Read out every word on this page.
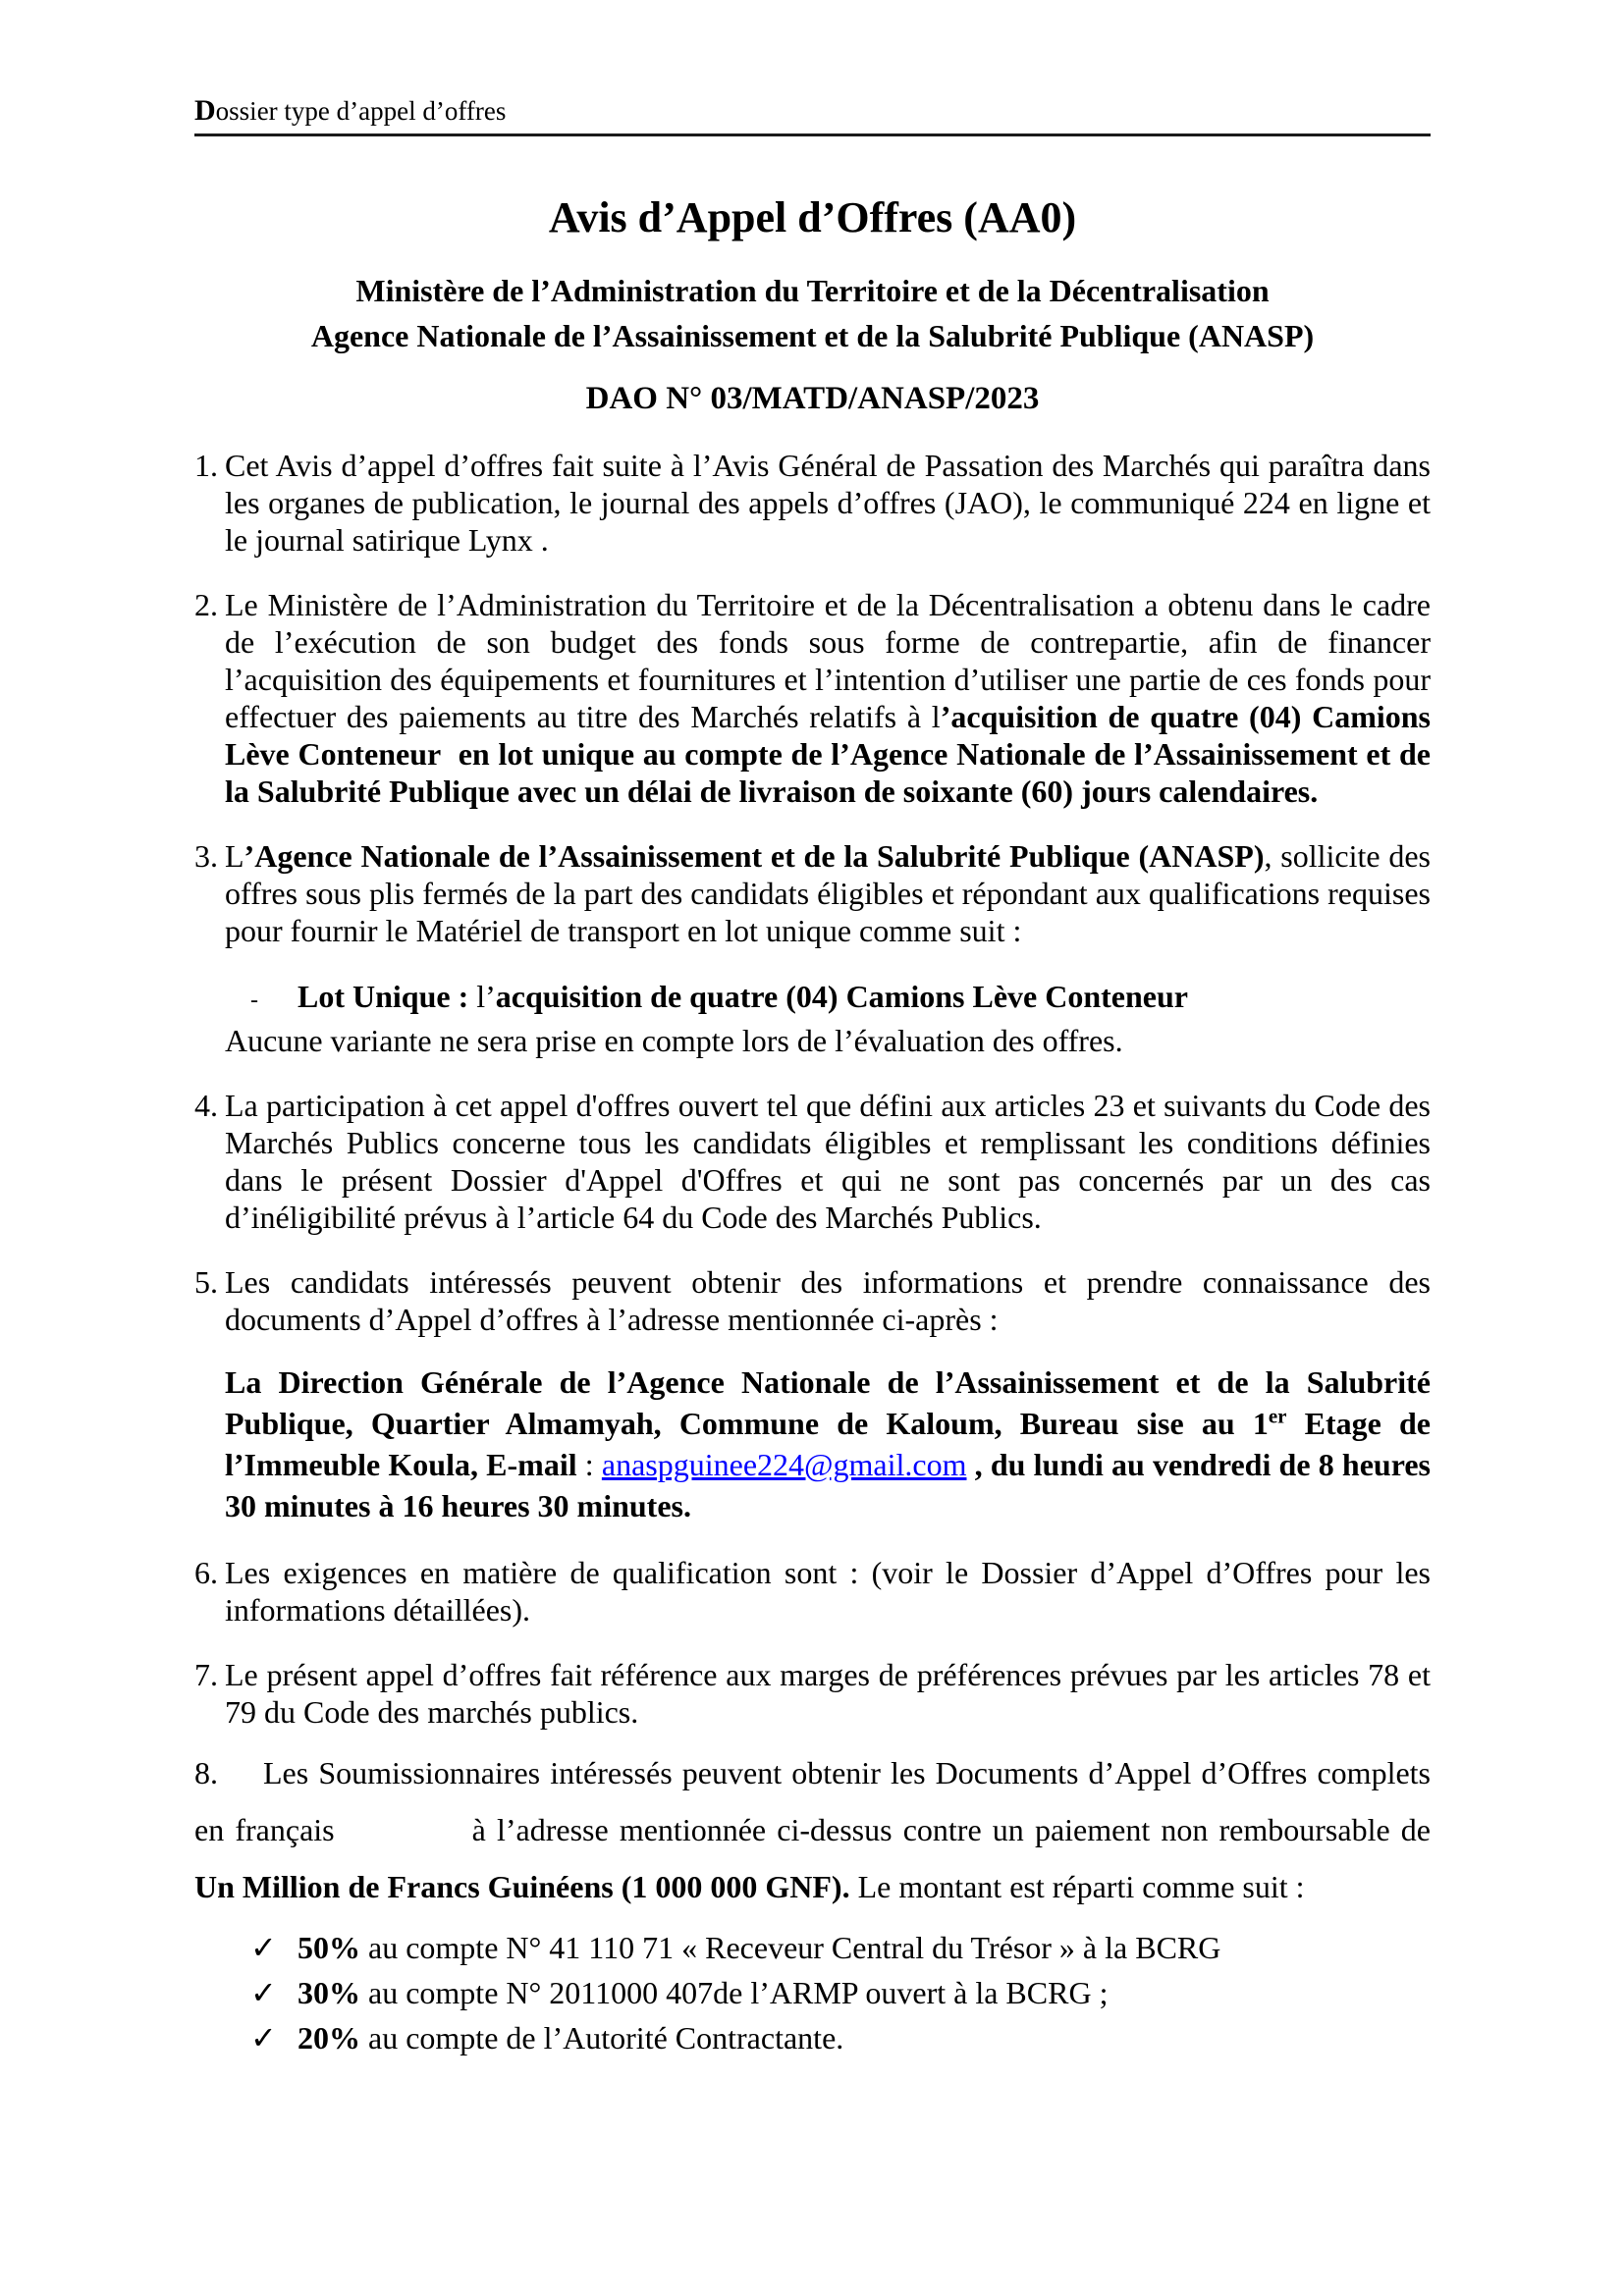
Dossier type d’appel d’offres
Avis d’Appel d’Offres (AA0)
Ministère de l’Administration du Territoire et de la Décentralisation
Agence Nationale de l’Assainissement et de la Salubrité Publique (ANASP)
DAO N° 03/MATD/ANASP/2023
1. Cet Avis d’appel d’offres fait suite à l’Avis Général de Passation des Marchés qui paraîtra dans les organes de publication, le journal des appels d’offres (JAO), le communiqué 224 en ligne et le journal satirique Lynx .
2. Le Ministère de l’Administration du Territoire et de la Décentralisation a obtenu dans le cadre de l’exécution de son budget des fonds sous forme de contrepartie, afin de financer l’acquisition des équipements et fournitures et l’intention d’utiliser une partie de ces fonds pour effectuer des paiements au titre des Marchés relatifs à l’acquisition de quatre (04) Camions Lève Conteneur  en lot unique au compte de l’Agence Nationale de l’Assainissement et de la Salubrité Publique avec un délai de livraison de soixante (60) jours calendaires.
3. L’Agence Nationale de l’Assainissement et de la Salubrité Publique (ANASP), sollicite des offres sous plis fermés de la part des candidats éligibles et répondant aux qualifications requises pour fournir le Matériel de transport en lot unique comme suit :
- Lot Unique : l’acquisition de quatre (04) Camions Lève Conteneur
Aucune variante ne sera prise en compte lors de l’évaluation des offres.
4. La participation à cet appel d'offres ouvert tel que défini aux articles 23 et suivants du Code des Marchés Publics concerne tous les candidats éligibles et remplissant les conditions définies dans le présent Dossier d'Appel d'Offres et qui ne sont pas concernés par un des cas d’inéligibilité prévus à l’article 64 du Code des Marchés Publics.
5. Les candidats intéressés peuvent obtenir des informations et prendre connaissance des documents d’Appel d’offres à l’adresse mentionnée ci-après :
La Direction Générale de l’Agence Nationale de l’Assainissement et de la Salubrité Publique, Quartier Almamyah, Commune de Kaloum, Bureau sise au 1er Etage de l’Immeuble Koula, E-mail : anaspguinee224@gmail.com , du lundi au vendredi de 8 heures 30 minutes à 16 heures 30 minutes.
6. Les exigences en matière de qualification sont : (voir le Dossier d’Appel d’Offres pour les informations détaillées).
7. Le présent appel d’offres fait référence aux marges de préférences prévues par les articles 78 et 79 du Code des marchés publics.
8. Les Soumissionnaires intéressés peuvent obtenir les Documents d’Appel d’Offres complets en français	à l’adresse mentionnée ci-dessus contre un paiement non remboursable de Un Million de Francs Guinéens (1 000 000 GNF). Le montant est réparti comme suit :
✓ 50% au compte N° 41 110 71 « Receveur Central du Trésor » à la BCRG
✓ 30% au compte N° 2011000 407de l’ARMP ouvert à la BCRG ;
✓ 20% au compte de l’Autorité Contractante.
